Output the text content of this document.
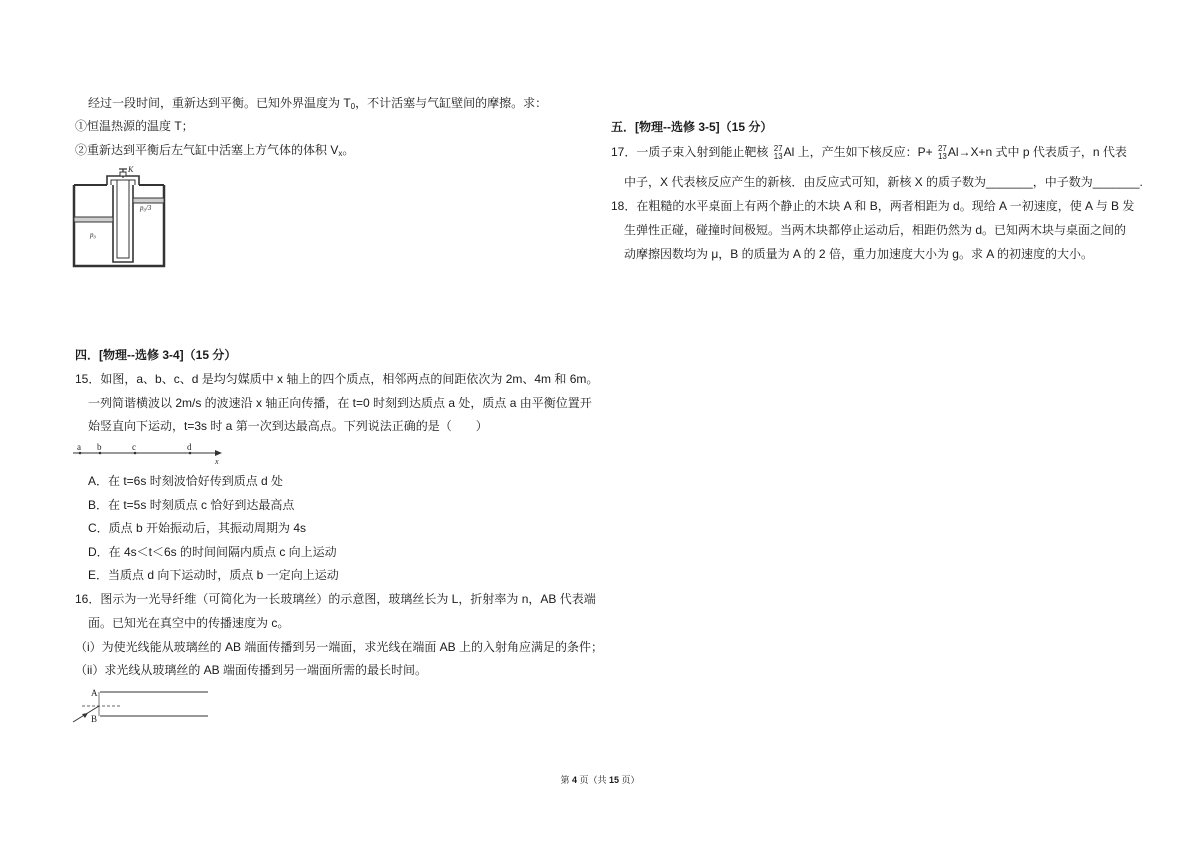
经过一段时间，重新达到平衡。已知外界温度为 $T_0$，不计活塞与气缸壁间的摩擦。求：
①恒温热源的温度 T；
②重新达到平衡后左气缸中活塞上方气体的体积 $V_x$。
K
p₀/3
p₀
四．[物理--选修 3-4]（15 分）
15．如图，a、b、c、d 是均匀媒质中 x 轴上的四个质点，相邻两点的间距依次为 2m、4m 和 6m。
一列简谐横波以 2m/s 的波速沿 x 轴正向传播，在 t=0 时刻到达质点 a 处，质点 a 由平衡位置开
始竖直向下运动，t=3s 时 a 第一次到达最高点。下列说法正确的是（　　）
a b	c	d
x
A．在 t=6s 时刻波恰好传到质点 d 处
B．在 t=5s 时刻质点 c 恰好到达最高点
C．质点 b 开始振动后，其振动周期为 4s
D．在 4s＜t＜6s 的时间间隔内质点 c 向上运动
E．当质点 d 向下运动时，质点 b 一定向上运动
16．图示为一光导纤维（可简化为一长玻璃丝）的示意图，玻璃丝长为 L，折射率为 n，AB 代表端
面。已知光在真空中的传播速度为 c。
（i）为使光线能从玻璃丝的 AB 端面传播到另一端面，求光线在端面 AB 上的入射角应满足的条件；
（ii）求光线从玻璃丝的 AB 端面传播到另一端面所需的最长时间。
A
B
五．[物理--选修 3-5]（15 分）
17．一质子束入射到能止靶核 27
13 Al 上，产生如下核反应：P+ 27
13 Al→X+n 式中 p 代表质子，n 代表
中子，X 代表核反应产生的新核．由反应式可知，新核 X 的质子数为_______，中子数为_______.
18．在粗糙的水平桌面上有两个静止的木块 A 和 B，两者相距为 d。现给 A 一初速度，使 A 与 B 发
生弹性正碰，碰撞时间极短。当两木块都停止运动后，相距仍然为 d。已知两木块与桌面之间的
动摩擦因数均为 μ，B 的质量为 A 的 2 倍，重力加速度大小为 g。求 A 的初速度的大小。
第 4 页（共 15 页）
